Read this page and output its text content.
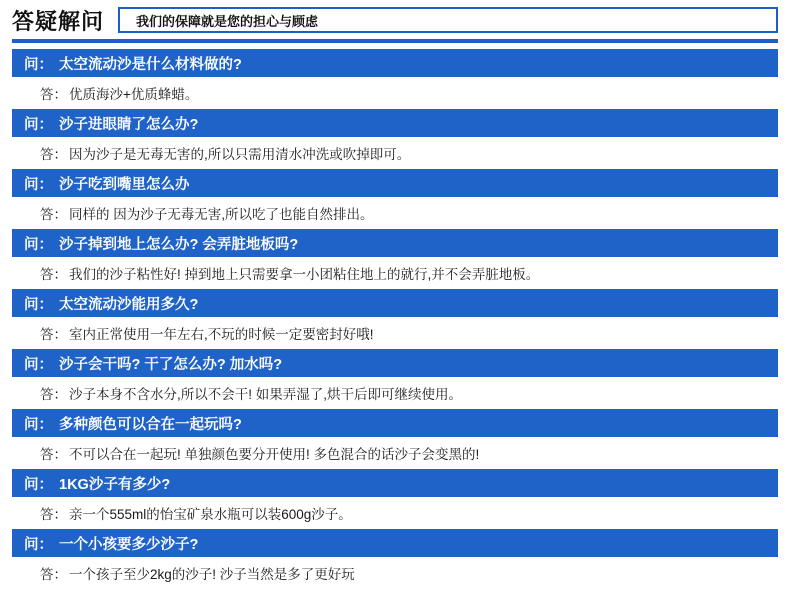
答疑解问	我们的保障就是您的担心与顾虑
问： 太空流动沙是什么材料做的?
答： 优质海沙+优质蜂蜡。
问： 沙子进眼睛了怎么办?
答： 因为沙子是无毒无害的,所以只需用清水冲洗或吹掉即可。
问： 沙子吃到嘴里怎么办
答： 同样的 因为沙子无毒无害,所以吃了也能自然排出。
问： 沙子掉到地上怎么办? 会弄脏地板吗?
答： 我们的沙子粘性好! 掉到地上只需要拿一小团粘住地上的就行,并不会弄脏地板。
问： 太空流动沙能用多久?
答： 室内正常使用一年左右,不玩的时候一定要密封好哦!
问： 沙子会干吗? 干了怎么办? 加水吗?
答： 沙子本身不含水分,所以不会干! 如果弄湿了,烘干后即可继续使用。
问： 多种颜色可以合在一起玩吗?
答： 不可以合在一起玩! 单独颜色要分开使用! 多色混合的话沙子会变黑的!
问： 1KG沙子有多少?
答： 亲一个555ml的怡宝矿泉水瓶可以装600g沙子。
问： 一个小孩要多少沙子?
答： 一个孩子至少2kg的沙子! 沙子当然是多了更好玩
